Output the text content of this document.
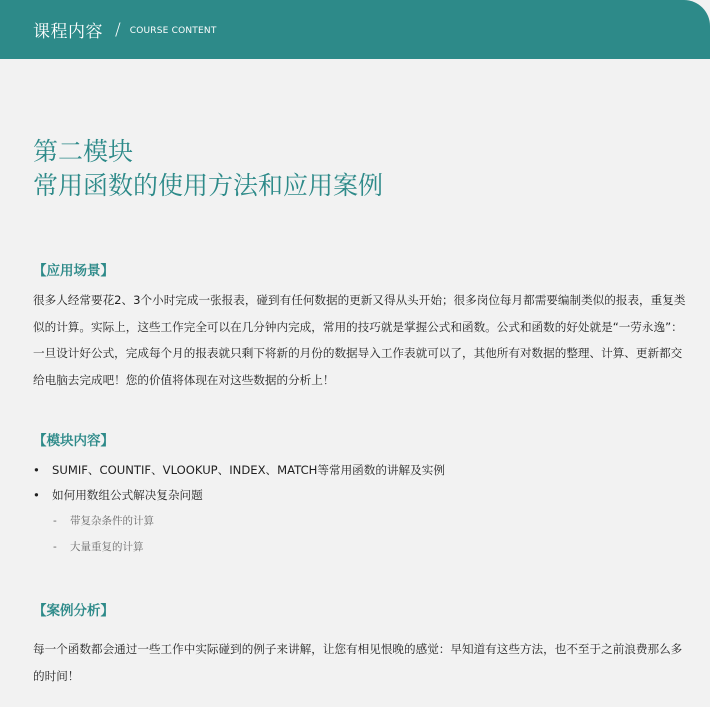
课程内容 / COURSE CONTENT
第二模块
常用函数的使用方法和应用案例
【应用场景】
很多人经常要花2、3个小时完成一张报表，碰到有任何数据的更新又得从头开始；很多岗位每月都需要编制类似的报表，重复类似的计算。实际上，这些工作完全可以在几分钟内完成，常用的技巧就是掌握公式和函数。公式和函数的好处就是“一劳永逸”：一旦设计好公式，完成每个月的报表就只剩下将新的月份的数据导入工作表就可以了，其他所有对数据的整理、计算、更新都交给电脑去完成吧！您的价值将体现在对这些数据的分析上！
【模块内容】
• SUMIF、COUNTIF、VLOOKUP、INDEX、MATCH等常用函数的讲解及实例
• 如何用数组公式解决复杂问题
- 带复杂条件的计算
- 大量重复的计算
【案例分析】
每一个函数都会通过一些工作中实际碰到的例子来讲解，让您有相见恨晚的感觉：早知道有这些方法，也不至于之前浪费那么多的时间！
